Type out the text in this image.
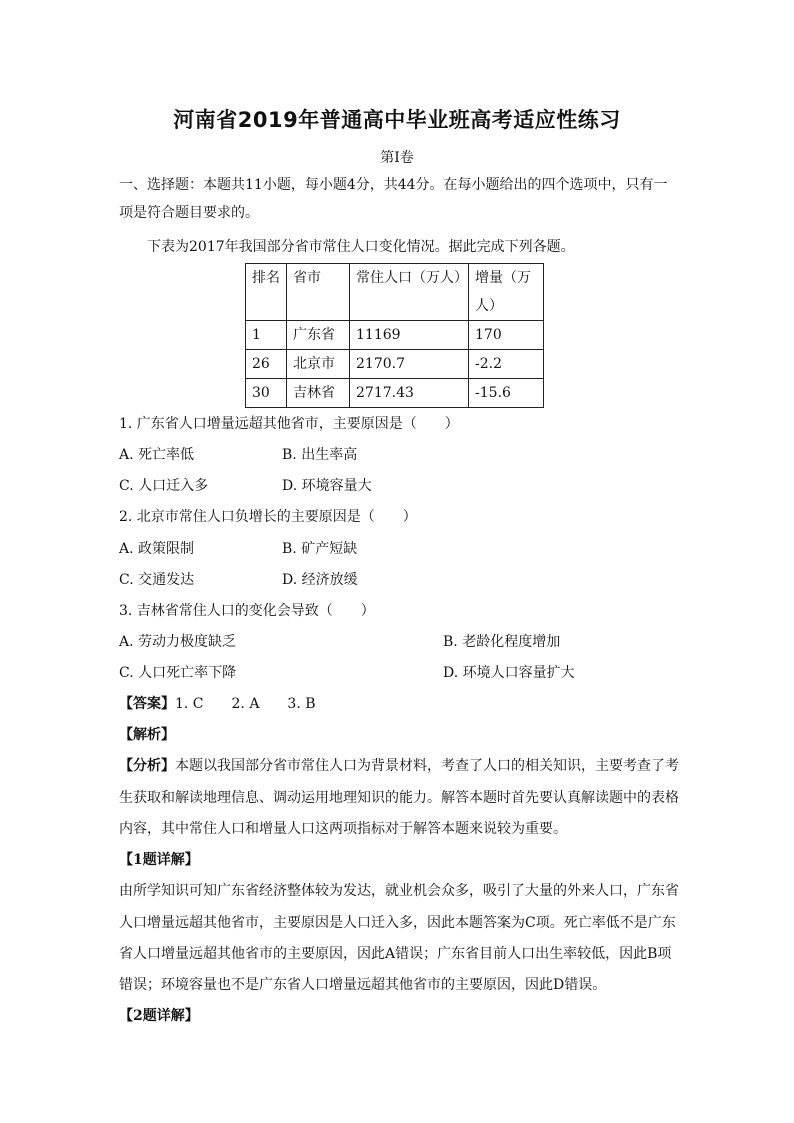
河南省2019年普通高中毕业班高考适应性练习
第I卷

一、选择题：本题共11小题，每小题4分，共44分。在每小题给出的四个选项中，只有一项是符合题目要求的。

下表为2017年我国部分省市常住人口变化情况。据此完成下列各题。
排名	省市	常住人口（万人）	增量（万人）
1	广东省	11169	170
26	北京市	2170.7	-2.2
30	吉林省	2717.43	-15.6
1. 广东省人口增量远超其他省市，主要原因是（　　）
A. 死亡率低	B. 出生率高
C. 人口迁入多	D. 环境容量大
2. 北京市常住人口负增长的主要原因是（　　）
A. 政策限制	B. 矿产短缺
C. 交通发达	D. 经济放缓
3. 吉林省常住人口的变化会导致（　　）
A. 劳动力极度缺乏	B. 老龄化程度增加
C. 人口死亡率下降	D. 环境人口容量扩大
【答案】1. C　　2. A　　3. B
【解析】
【分析】本题以我国部分省市常住人口为背景材料，考查了人口的相关知识，主要考查了考
生获取和解读地理信息、调动运用地理知识的能力。解答本题时首先要认真解读题中的表格
内容，其中常住人口和增量人口这两项指标对于解答本题来说较为重要。
【1题详解】
由所学知识可知广东省经济整体较为发达，就业机会众多，吸引了大量的外来人口，广东省
人口增量远超其他省市，主要原因是人口迁入多，因此本题答案为C项。死亡率低不是广东
省人口增量远超其他省市的主要原因，因此A错误；广东省目前人口出生率较低，因此B项
错误；环境容量也不是广东省人口增量远超其他省市的主要原因，因此D错误。
【2题详解】
